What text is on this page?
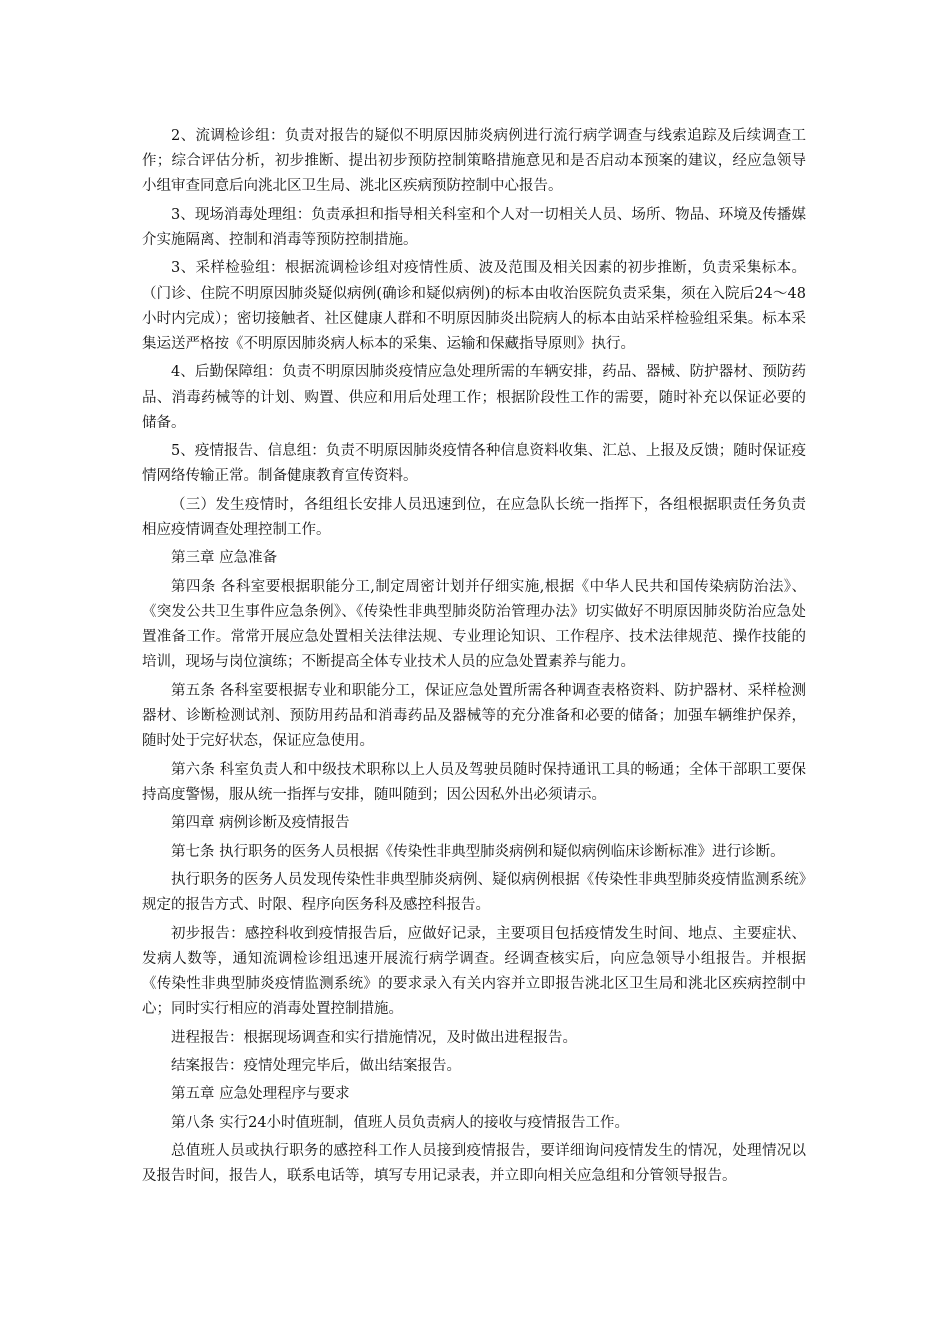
2、流调检诊组：负责对报告的疑似不明原因肺炎病例进行流行病学调查与线索追踪及后续调查工作；综合评估分析，初步推断、提出初步预防控制策略措施意见和是否启动本预案的建议，经应急领导小组审查同意后向洮北区卫生局、洮北区疾病预防控制中心报告。

3、现场消毒处理组：负责承担和指导相关科室和个人对一切相关人员、场所、物品、环境及传播媒介实施隔离、控制和消毒等预防控制措施。

3、采样检验组：根据流调检诊组对疫情性质、波及范围及相关因素的初步推断，负责采集标本。（门诊、住院不明原因肺炎疑似病例(确诊和疑似病例)的标本由收治医院负责采集，须在入院后24～48小时内完成）；密切接触者、社区健康人群和不明原因肺炎出院病人的标本由站采样检验组采集。标本采集运送严格按《不明原因肺炎病人标本的采集、运输和保藏指导原则》执行。

4、后勤保障组：负责不明原因肺炎疫情应急处理所需的车辆安排，药品、器械、防护器材、预防药品、消毒药械等的计划、购置、供应和用后处理工作；根据阶段性工作的需要，随时补充以保证必要的储备。

5、疫情报告、信息组：负责不明原因肺炎疫情各种信息资料收集、汇总、上报及反馈；随时保证疫情网络传输正常。制备健康教育宣传资料。

（三）发生疫情时，各组组长安排人员迅速到位，在应急队长统一指挥下，各组根据职责任务负责相应疫情调查处理控制工作。

第三章 应急准备

第四条 各科室要根据职能分工,制定周密计划并仔细实施,根据《中华人民共和国传染病防治法》、《突发公共卫生事件应急条例》、《传染性非典型肺炎防治管理办法》切实做好不明原因肺炎防治应急处置准备工作。常常开展应急处置相关法律法规、专业理论知识、工作程序、技术法律规范、操作技能的培训，现场与岗位演练；不断提高全体专业技术人员的应急处置素养与能力。

第五条 各科室要根据专业和职能分工，保证应急处置所需各种调查表格资料、防护器材、采样检测器材、诊断检测试剂、预防用药品和消毒药品及器械等的充分准备和必要的储备；加强车辆维护保养，随时处于完好状态，保证应急使用。

第六条 科室负责人和中级技术职称以上人员及驾驶员随时保持通讯工具的畅通；全体干部职工要保持高度警惕，服从统一指挥与安排，随叫随到；因公因私外出必须请示。

第四章 病例诊断及疫情报告

第七条 执行职务的医务人员根据《传染性非典型肺炎病例和疑似病例临床诊断标准》进行诊断。

执行职务的医务人员发现传染性非典型肺炎病例、疑似病例根据《传染性非典型肺炎疫情监测系统》规定的报告方式、时限、程序向医务科及感控科报告。

初步报告：感控科收到疫情报告后，应做好记录，主要项目包括疫情发生时间、地点、主要症状、发病人数等，通知流调检诊组迅速开展流行病学调查。经调查核实后，向应急领导小组报告。并根据《传染性非典型肺炎疫情监测系统》的要求录入有关内容并立即报告洮北区卫生局和洮北区疾病控制中心；同时实行相应的消毒处置控制措施。

进程报告：根据现场调查和实行措施情况，及时做出进程报告。

结案报告：疫情处理完毕后，做出结案报告。

第五章 应急处理程序与要求

第八条 实行24小时值班制，值班人员负责病人的接收与疫情报告工作。

总值班人员或执行职务的感控科工作人员接到疫情报告，要详细询问疫情发生的情况，处理情况以及报告时间，报告人，联系电话等，填写专用记录表，并立即向相关应急组和分管领导报告。
